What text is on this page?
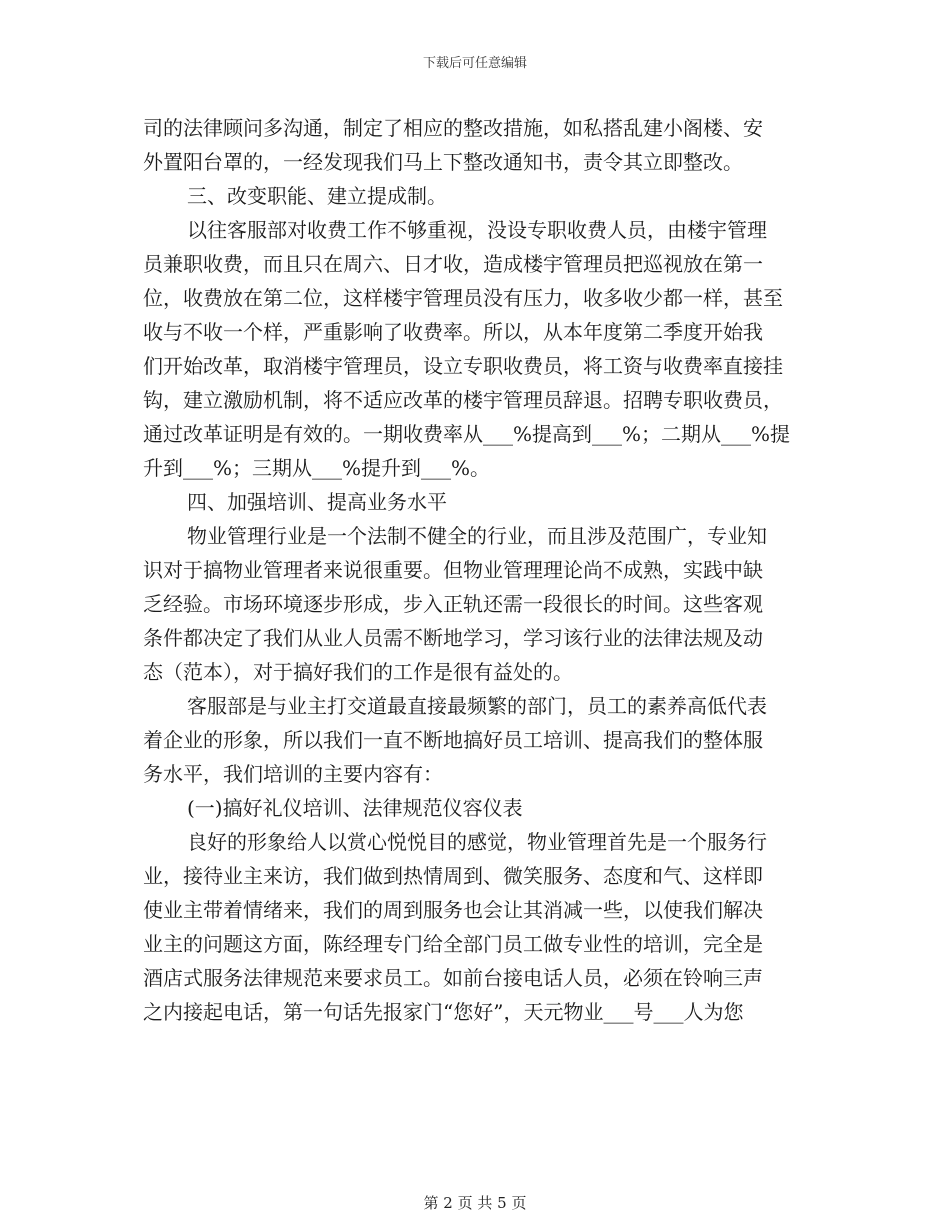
下载后可任意编辑

司的法律顾问多沟通，制定了相应的整改措施，如私搭乱建小阁楼、安

外置阳台罩的，一经发现我们马上下整改通知书，责令其立即整改。

三、改变职能、建立提成制。

以往客服部对收费工作不够重视，没设专职收费人员，由楼宇管理

员兼职收费，而且只在周六、日才收，造成楼宇管理员把巡视放在第一

位，收费放在第二位，这样楼宇管理员没有压力，收多收少都一样，甚至

收与不收一个样，严重影响了收费率。所以，从本年度第二季度开始我

们开始改革，取消楼宇管理员，设立专职收费员，将工资与收费率直接挂

钩，建立激励机制，将不适应改革的楼宇管理员辞退。招聘专职收费员，

通过改革证明是有效的。一期收费率从___%提高到___%；二期从___%提

升到___%；三期从___%提升到___%。

四、加强培训、提高业务水平

物业管理行业是一个法制不健全的行业，而且涉及范围广，专业知

识对于搞物业管理者来说很重要。但物业管理理论尚不成熟，实践中缺

乏经验。市场环境逐步形成，步入正轨还需一段很长的时间。这些客观

条件都决定了我们从业人员需不断地学习，学习该行业的法律法规及动

态（范本），对于搞好我们的工作是很有益处的。

客服部是与业主打交道最直接最频繁的部门，员工的素养高低代表

着企业的形象，所以我们一直不断地搞好员工培训、提高我们的整体服

务水平，我们培训的主要内容有：

(一)搞好礼仪培训、法律规范仪容仪表

良好的形象给人以赏心悦悦目的感觉，物业管理首先是一个服务行

业，接待业主来访，我们做到热情周到、微笑服务、态度和气、这样即

使业主带着情绪来，我们的周到服务也会让其消减一些，以使我们解决

业主的问题这方面，陈经理专门给全部门员工做专业性的培训，完全是

酒店式服务法律规范来要求员工。如前台接电话人员，必须在铃响三声

之内接起电话，第一句话先报家门“您好”，天元物业___号___人为您

第 2 页 共 5 页
